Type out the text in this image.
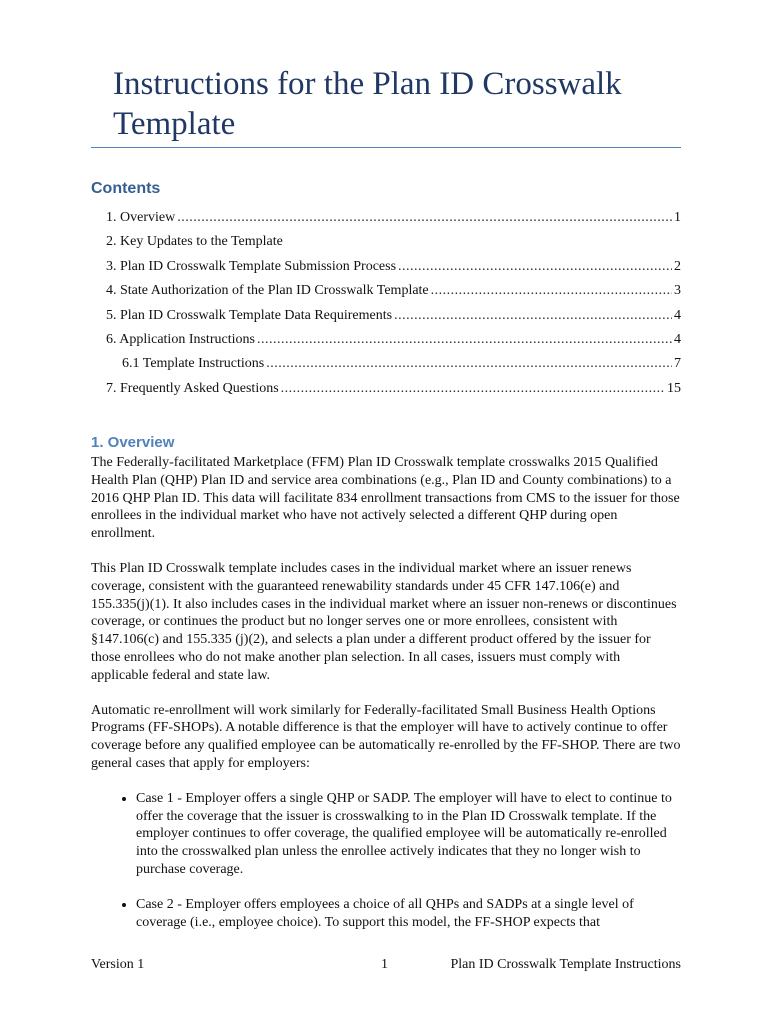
Instructions for the Plan ID Crosswalk Template
Contents
1. Overview .....	1
2. Key Updates to the Template
3. Plan ID Crosswalk Template Submission Process .....	2
4. State Authorization of the Plan ID Crosswalk Template .....	3
5. Plan ID Crosswalk Template Data Requirements .....	4
6. Application Instructions .....	4
6.1 Template Instructions .....	7
7. Frequently Asked Questions .....	15
1. Overview

The Federally-facilitated Marketplace (FFM) Plan ID Crosswalk template crosswalks 2015 Qualified Health Plan (QHP) Plan ID and service area combinations (e.g., Plan ID and County combinations) to a 2016 QHP Plan ID. This data will facilitate 834 enrollment transactions from CMS to the issuer for those enrollees in the individual market who have not actively selected a different QHP during open enrollment.

This Plan ID Crosswalk template includes cases in the individual market where an issuer renews coverage, consistent with the guaranteed renewability standards under 45 CFR 147.106(e) and 155.335(j)(1). It also includes cases in the individual market where an issuer non-renews or discontinues coverage, or continues the product but no longer serves one or more enrollees, consistent with §147.106(c) and 155.335 (j)(2), and selects a plan under a different product offered by the issuer for those enrollees who do not make another plan selection. In all cases, issuers must comply with applicable federal and state law.

Automatic re-enrollment will work similarly for Federally-facilitated Small Business Health Options Programs (FF-SHOPs). A notable difference is that the employer will have to actively continue to offer coverage before any qualified employee can be automatically re-enrolled by the FF-SHOP. There are two general cases that apply for employers:

• Case 1 - Employer offers a single QHP or SADP. The employer will have to elect to continue to offer the coverage that the issuer is crosswalking to in the Plan ID Crosswalk template. If the employer continues to offer coverage, the qualified employee will be automatically re-enrolled into the crosswalked plan unless the enrollee actively indicates that they no longer wish to purchase coverage.
• Case 2 - Employer offers employees a choice of all QHPs and SADPs at a single level of coverage (i.e., employee choice). To support this model, the FF-SHOP expects that
Version 1	1	Plan ID Crosswalk Template Instructions
